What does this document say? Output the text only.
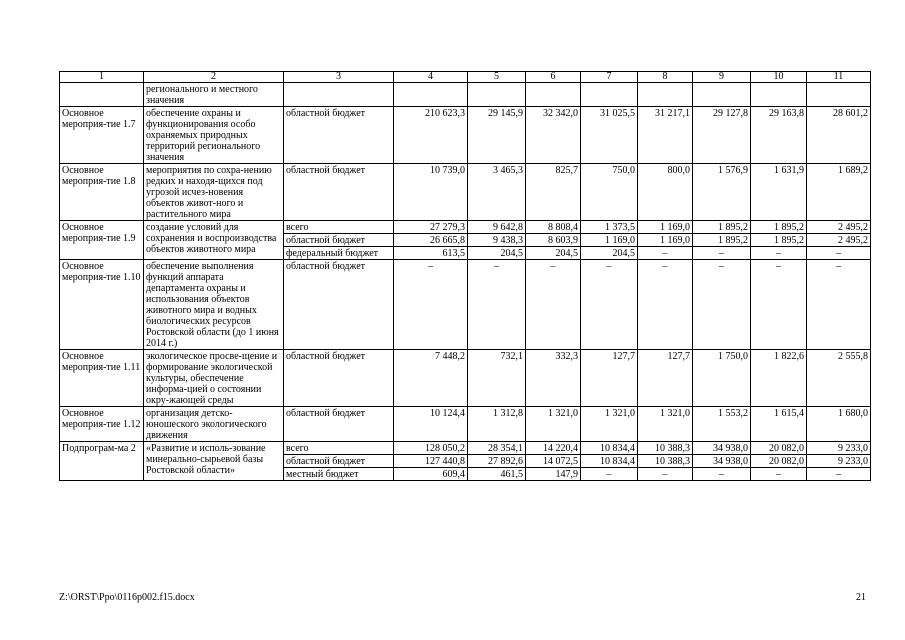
1	2	3	4	5	6	7	8	9	10	11
	регионального и местного значения									
Основное мероприя-тие 1.7	обеспечение охраны и функционирования особо охраняемых природных территорий регионального значения	областной бюджет	210 623,3	29 145,9	32 342,0	31 025,5	31 217,1	29 127,8	29 163,8	28 601,2
Основное мероприя-тие 1.8	мероприятия по сохра-нению редких и находя-щихся под угрозой исчез-новения объектов живот-ного и растительного мира	областной бюджет	10 739,0	3 465,3	825,7	750,0	800,0	1 576,9	1 631,9	1 689,2
Основное мероприя-тие 1.9	создание условий для сохранения и воспроизводства объектов животного мира	всего	27 279,3	9 642,8	8 808,4	1 373,5	1 169,0	1 895,2	1 895,2	2 495,2
		областной бюджет	26 665,8	9 438,3	8 603,9	1 169,0	1 169,0	1 895,2	1 895,2	2 495,2
		федеральный бюджет	613,5	204,5	204,5	204,5	–	–	–	–
Основное мероприя-тие 1.10	обеспечение выполнения функций аппарата департамента охраны и использования объектов животного мира и водных биологических ресурсов Ростовской области (до 1 июня 2014 г.)	областной бюджет	–	–	–	–	–	–	–	–
Основное мероприя-тие 1.11	экологическое просве-щение и формирование экологической культуры, обеспечение информа-цией о состоянии окру-жающей среды	областной бюджет	7 448,2	732,1	332,3	127,7	127,7	1 750,0	1 822,6	2 555,8
Основное мероприя-тие 1.12	организация детско-юношеского экологического движения	областной бюджет	10 124,4	1 312,8	1 321,0	1 321,0	1 321,0	1 553,2	1 615,4	1 680,0
Подпрограм-ма 2	«Развитие и исполь-зование минерально-сырьевой базы Ростовской области»	всего	128 050,2	28 354,1	14 220,4	10 834,4	10 388,3	34 938,0	20 082,0	9 233,0
		областной бюджет	127 440,8	27 892,6	14 072,5	10 834,4	10 388,3	34 938,0	20 082,0	9 233,0
		местный бюджет	609,4	461,5	147,9	–	–	–	–	–
Z:\ORST\Ppo\0116p002.f15.docx	21
